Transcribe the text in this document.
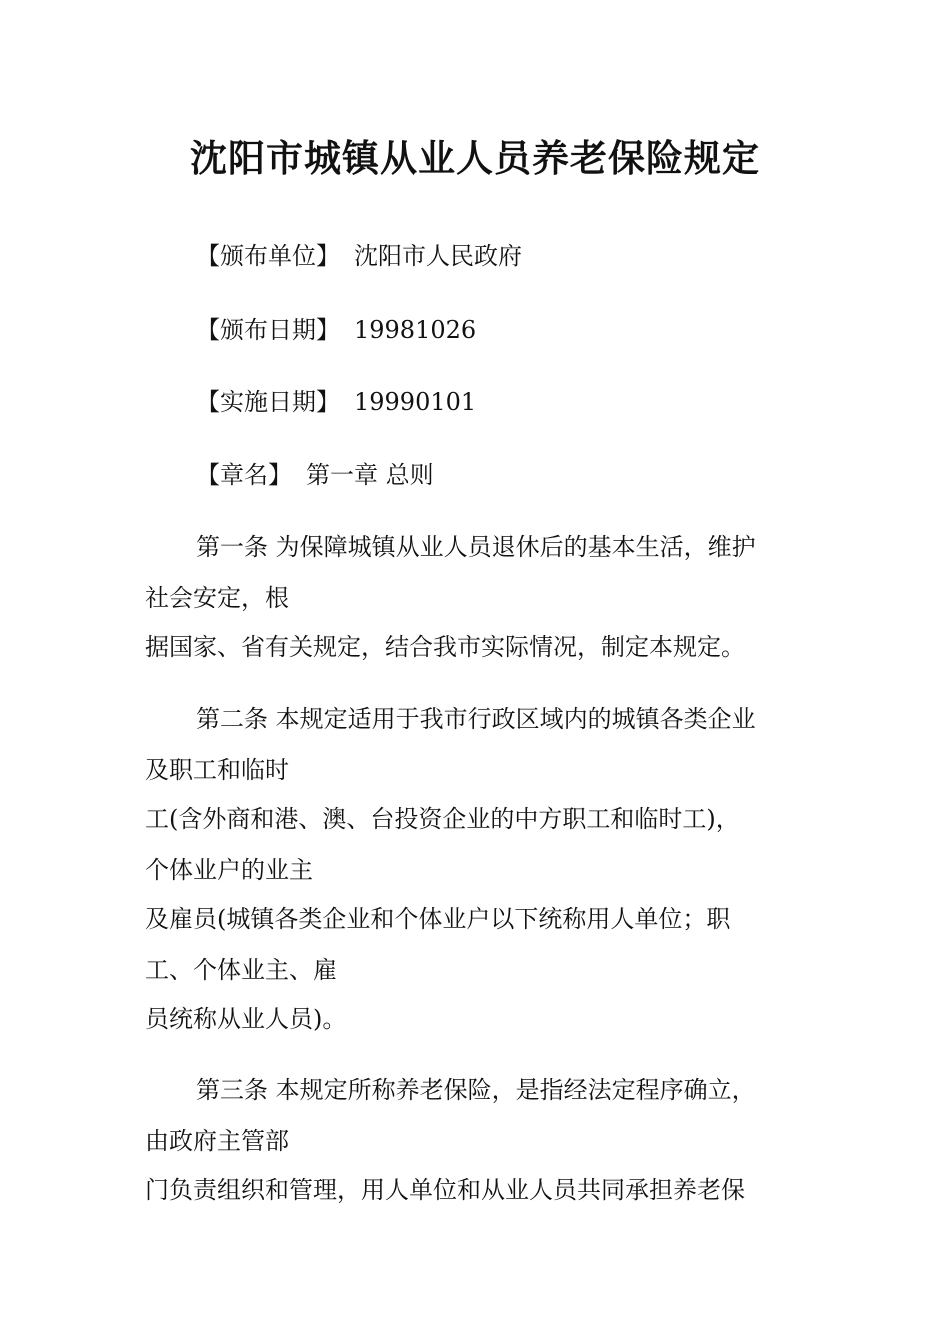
沈阳市城镇从业人员养老保险规定
【颁布单位】 沈阳市人民政府
【颁布日期】 19981026
【实施日期】 19990101
【章名】 第一章 总则
第一条 为保障城镇从业人员退休后的基本生活，维护
社会安定，根
据国家、省有关规定，结合我市实际情况，制定本规定。
第二条 本规定适用于我市行政区域内的城镇各类企业
及职工和临时
工(含外商和港、澳、台投资企业的中方职工和临时工)，
个体业户的业主
及雇员(城镇各类企业和个体业户以下统称用人单位；职
工、个体业主、雇
员统称从业人员)。
第三条 本规定所称养老保险，是指经法定程序确立，
由政府主管部
门负责组织和管理，用人单位和从业人员共同承担养老保
